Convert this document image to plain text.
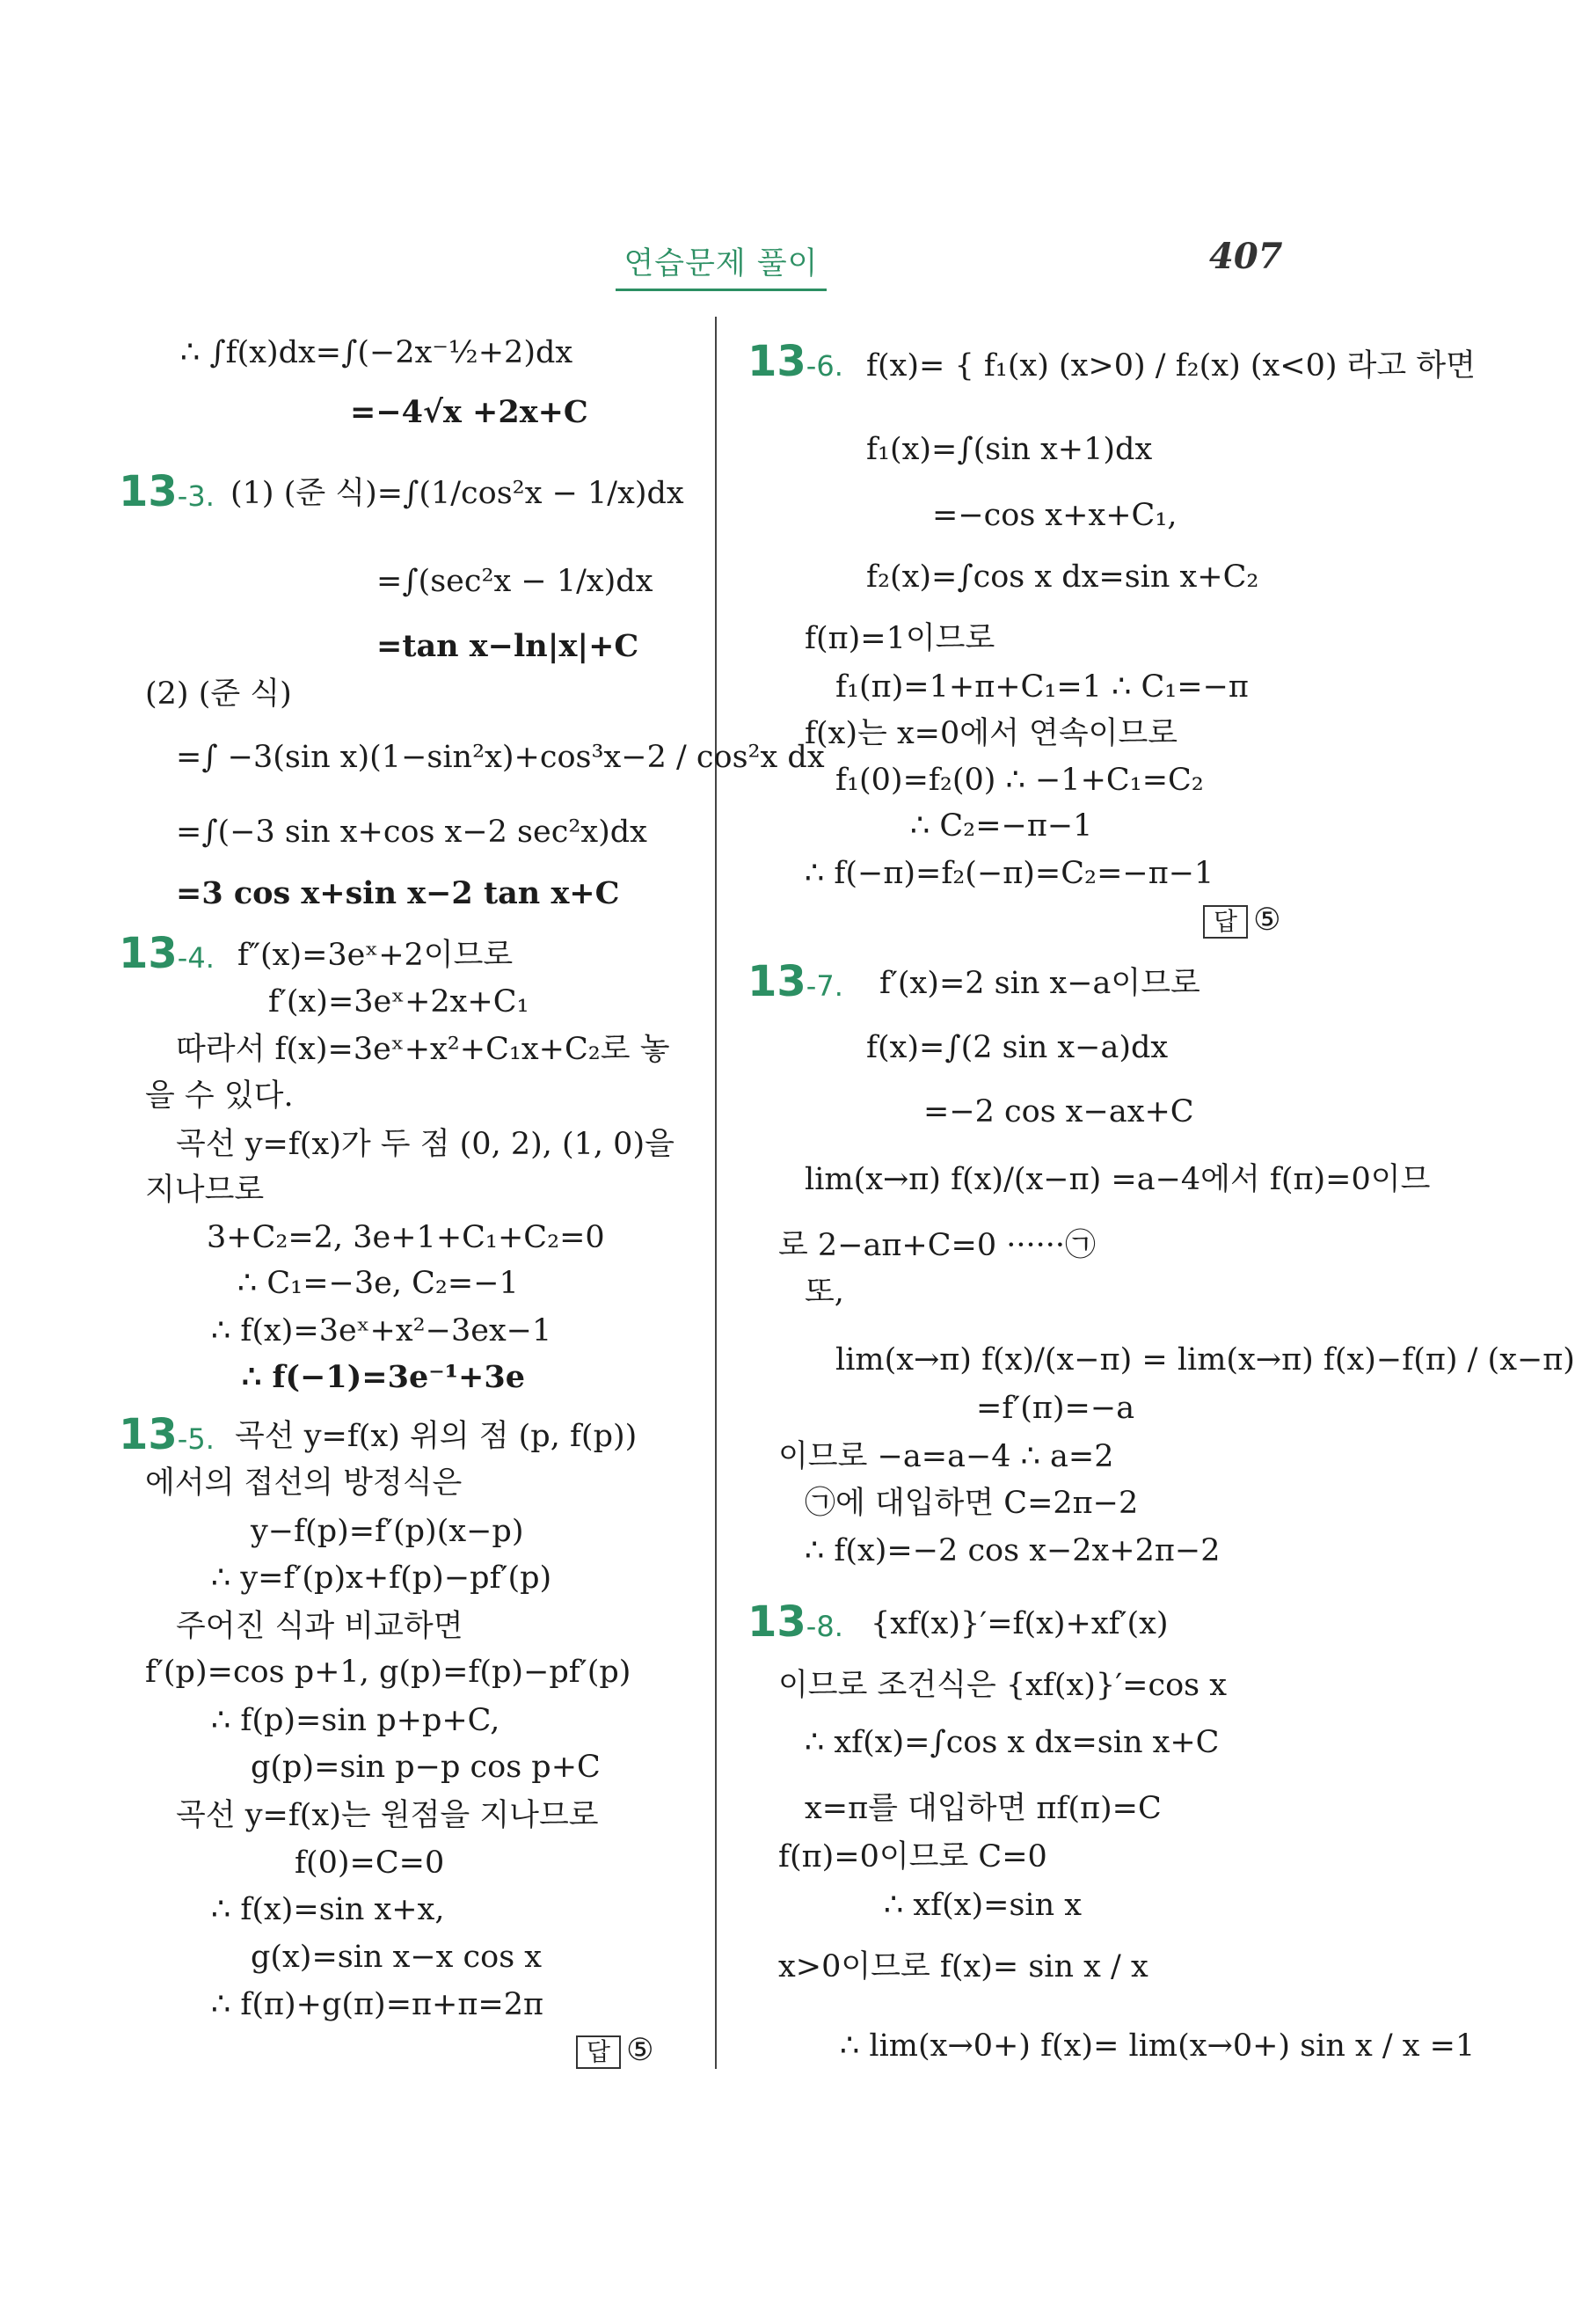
연습문제 풀이	407
∴ ∫f(x)dx=∫(−2x⁻½+2)dx
=−4√x +2x+C
(1) (준 식)=∫(1/cos²x − 1/x)dx
=∫(sec²x − 1/x)dx
=tan x−ln|x|+C
(2) (준 식)
=∫ −3(sin x)(1−sin²x)+cos³x−2 / cos²x dx
=∫(−3 sin x+cos x−2 sec²x)dx
=3 cos x+sin x−2 tan x+C
f″(x)=3eˣ+2이므로
f′(x)=3eˣ+2x+C₁
따라서 f(x)=3eˣ+x²+C₁x+C₂로 놓
을 수 있다.
곡선 y=f(x)가 두 점 (0, 2), (1, 0)을
지나므로
3+C₂=2, 3e+1+C₁+C₂=0
∴ C₁=−3e, C₂=−1
∴ f(x)=3eˣ+x²−3ex−1
∴ f(−1)=3e⁻¹+3e
곡선 y=f(x) 위의 점 (p, f(p))
에서의 접선의 방정식은
y−f(p)=f′(p)(x−p)
∴ y=f′(p)x+f(p)−pf′(p)
주어진 식과 비교하면
f′(p)=cos p+1, g(p)=f(p)−pf′(p)
∴ f(p)=sin p+p+C,
g(p)=sin p−p cos p+C
곡선 y=f(x)는 원점을 지나므로
f(0)=C=0
∴ f(x)=sin x+x,
g(x)=sin x−x cos x
∴ f(π)+g(π)=π+π=2π
13-3.
13-4.
13-5.
답 ⑤
f(x)= { f₁(x) (x>0) / f₂(x) (x<0) 라고 하면
f₁(x)=∫(sin x+1)dx
=−cos x+x+C₁,
f₂(x)=∫cos x dx=sin x+C₂
f(π)=1이므로
f₁(π)=1+π+C₁=1 ∴ C₁=−π
f(x)는 x=0에서 연속이므로
f₁(0)=f₂(0) ∴ −1+C₁=C₂
∴ C₂=−π−1
∴ f(−π)=f₂(−π)=C₂=−π−1
f′(x)=2 sin x−a이므로
f(x)=∫(2 sin x−a)dx
=−2 cos x−ax+C
lim(x→π) f(x)/(x−π) =a−4에서 f(π)=0이므
로 2−aπ+C=0 ······㉠
또,
lim(x→π) f(x)/(x−π) = lim(x→π) f(x)−f(π) / (x−π)
=f′(π)=−a
이므로 −a=a−4 ∴ a=2
㉠에 대입하면 C=2π−2
∴ f(x)=−2 cos x−2x+2π−2
{xf(x)}′=f(x)+xf′(x)
이므로 조건식은 {xf(x)}′=cos x
∴ xf(x)=∫cos x dx=sin x+C
x=π를 대입하면 πf(π)=C
f(π)=0이므로 C=0
∴ xf(x)=sin x
x>0이므로 f(x)= sin x / x
∴ lim(x→0+) f(x)= lim(x→0+) sin x / x =1
13-6.
13-7.
13-8.
답 ⑤
